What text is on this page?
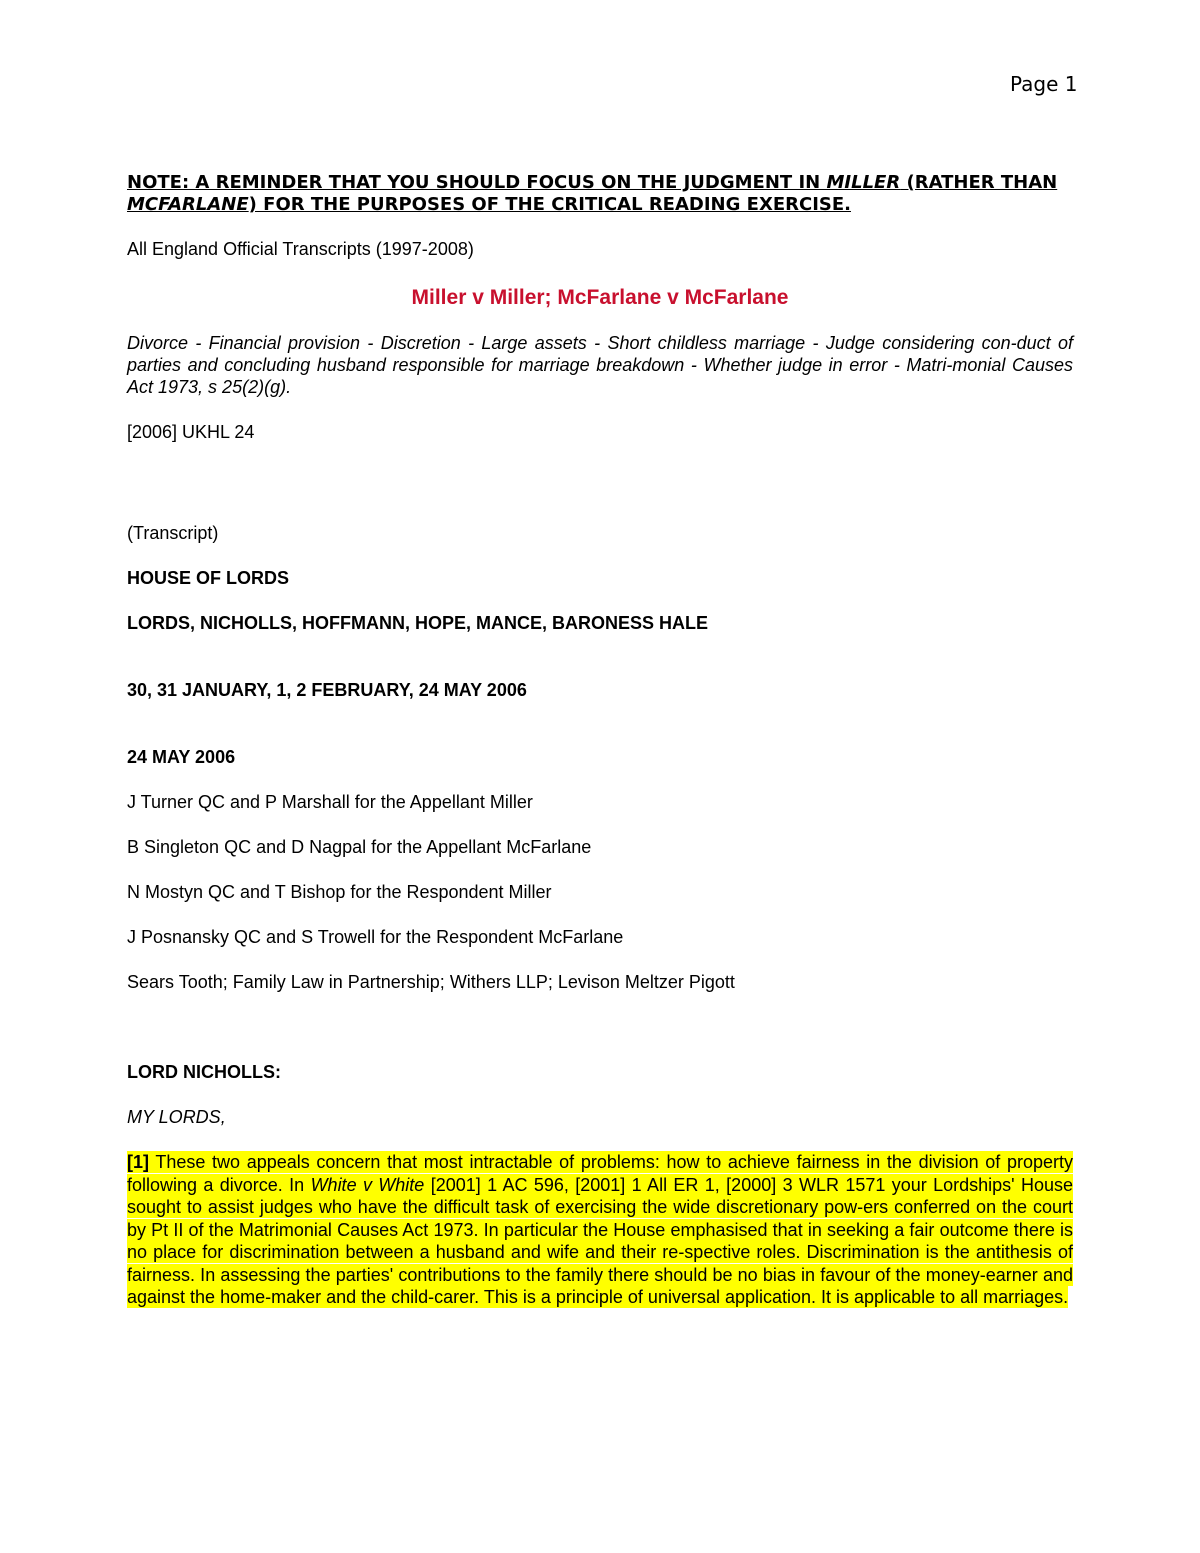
Page 1

NOTE: A REMINDER THAT YOU SHOULD FOCUS ON THE JUDGMENT IN MILLER (RATHER THAN MCFARLANE) FOR THE PURPOSES OF THE CRITICAL READING EXERCISE.

All England Official Transcripts (1997-2008)

Miller v Miller; McFarlane v McFarlane

Divorce - Financial provision - Discretion - Large assets - Short childless marriage - Judge considering con-duct of parties and concluding husband responsible for marriage breakdown - Whether judge in error - Matri-monial Causes Act 1973, s 25(2)(g).

[2006] UKHL 24

(Transcript)

HOUSE OF LORDS

LORDS, NICHOLLS, HOFFMANN, HOPE, MANCE, BARONESS HALE

30, 31 JANUARY, 1, 2 FEBRUARY, 24 MAY 2006

24 MAY 2006

J Turner QC and P Marshall for the Appellant Miller

B Singleton QC and D Nagpal for the Appellant McFarlane

N Mostyn QC and T Bishop for the Respondent Miller

J Posnansky QC and S Trowell for the Respondent McFarlane

Sears Tooth; Family Law in Partnership; Withers LLP; Levison Meltzer Pigott

LORD NICHOLLS:

MY LORDS,

[1] These two appeals concern that most intractable of problems: how to achieve fairness in the division of property following a divorce. In White v White [2001] 1 AC 596, [2001] 1 All ER 1, [2000] 3 WLR 1571 your Lordships' House sought to assist judges who have the difficult task of exercising the wide discretionary pow-ers conferred on the court by Pt II of the Matrimonial Causes Act 1973. In particular the House emphasised that in seeking a fair outcome there is no place for discrimination between a husband and wife and their re-spective roles. Discrimination is the antithesis of fairness. In assessing the parties' contributions to the family there should be no bias in favour of the money-earner and against the home-maker and the child-carer. This is a principle of universal application. It is applicable to all marriages.
